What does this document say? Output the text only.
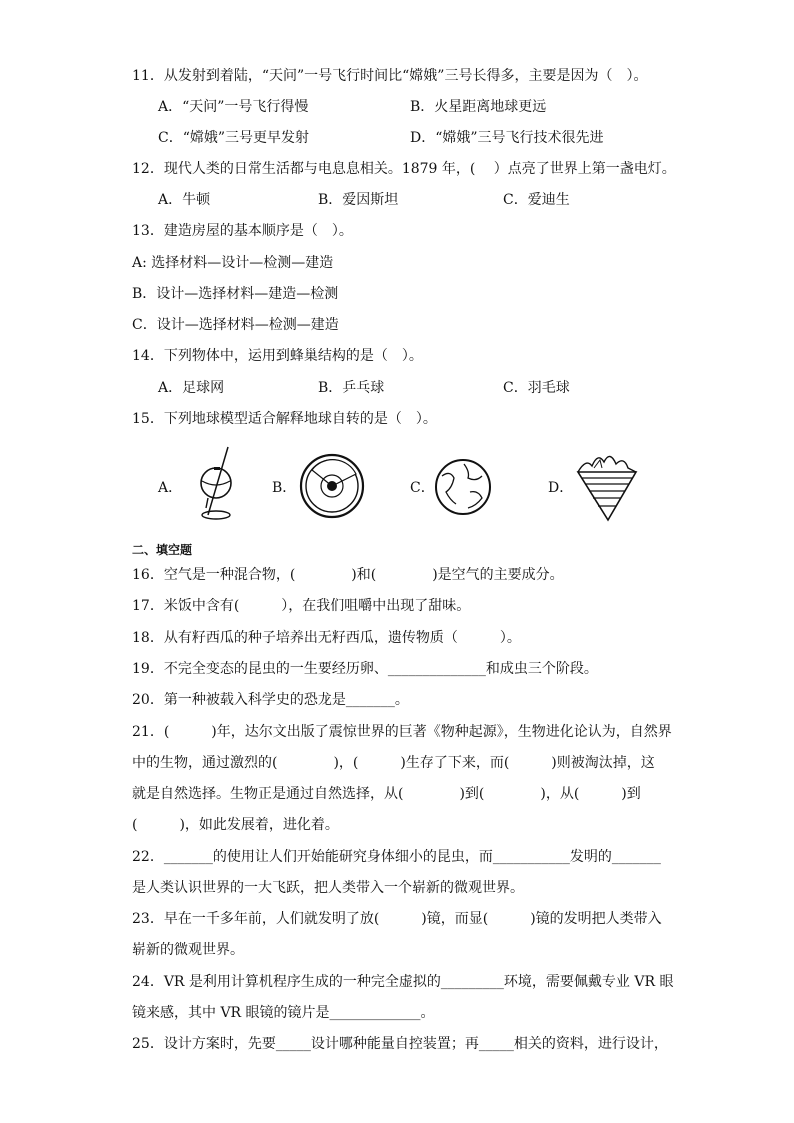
11．从发射到着陆，“天问”一号飞行时间比“嫦娥”三号长得多，主要是因为（　）。
A．“天问”一号飞行得慢	B．火星距离地球更远
C．“嫦娥”三号更早发射	D．“嫦娥”三号飞行技术很先进
12．现代人类的日常生活都与电息息相关。1879 年，(　 ）点亮了世界上第一盏电灯。
A．牛顿	B．爱因斯坦	C．爱迪生
13．建造房屋的基本顺序是（　）。
A: 选择材料—设计—检测—建造
B．设计—选择材料—建造—检测
C．设计—选择材料—检测—建造
14．下列物体中，运用到蜂巢结构的是（　）。
A．足球网	B．乒乓球	C．羽毛球
15．下列地球模型适合解释地球自转的是（　）。
A．	B．	C．	D．
二、填空题
16．空气是一种混合物，(　　　　)和(　　　　)是空气的主要成分。
17．米饭中含有(　　　），在我们咀嚼中出现了甜味。
18．从有籽西瓜的种子培养出无籽西瓜，遗传物质（　　　）。
19．不完全变态的昆虫的一生要经历卵、______________和成虫三个阶段。
20．第一种被载入科学史的恐龙是_______。
21．(　　　)年，达尔文出版了震惊世界的巨著《物种起源》，生物进化论认为，自然界
中的生物，通过激烈的(　　　　)，(　　　)生存了下来，而(　　　)则被淘汰掉，这
就是自然选择。生物正是通过自然选择，从(　　　　)到(　　　　)，从(　　　)到
(　　　)，如此发展着，进化着。
22．_______的使用让人们开始能研究身体细小的昆虫，而___________发明的_______
是人类认识世界的一大飞跃，把人类带入一个崭新的微观世界。
23．早在一千多年前，人们就发明了放(　　　)镜，而显(　　　)镜的发明把人类带入
崭新的微观世界。
24．VR 是利用计算机程序生成的一种完全虚拟的_________环境，需要佩戴专业 VR 眼
镜来感，其中 VR 眼镜的镜片是_____________。
25．设计方案时，先要_____设计哪种能量自控装置；再_____相关的资料，进行设计，
